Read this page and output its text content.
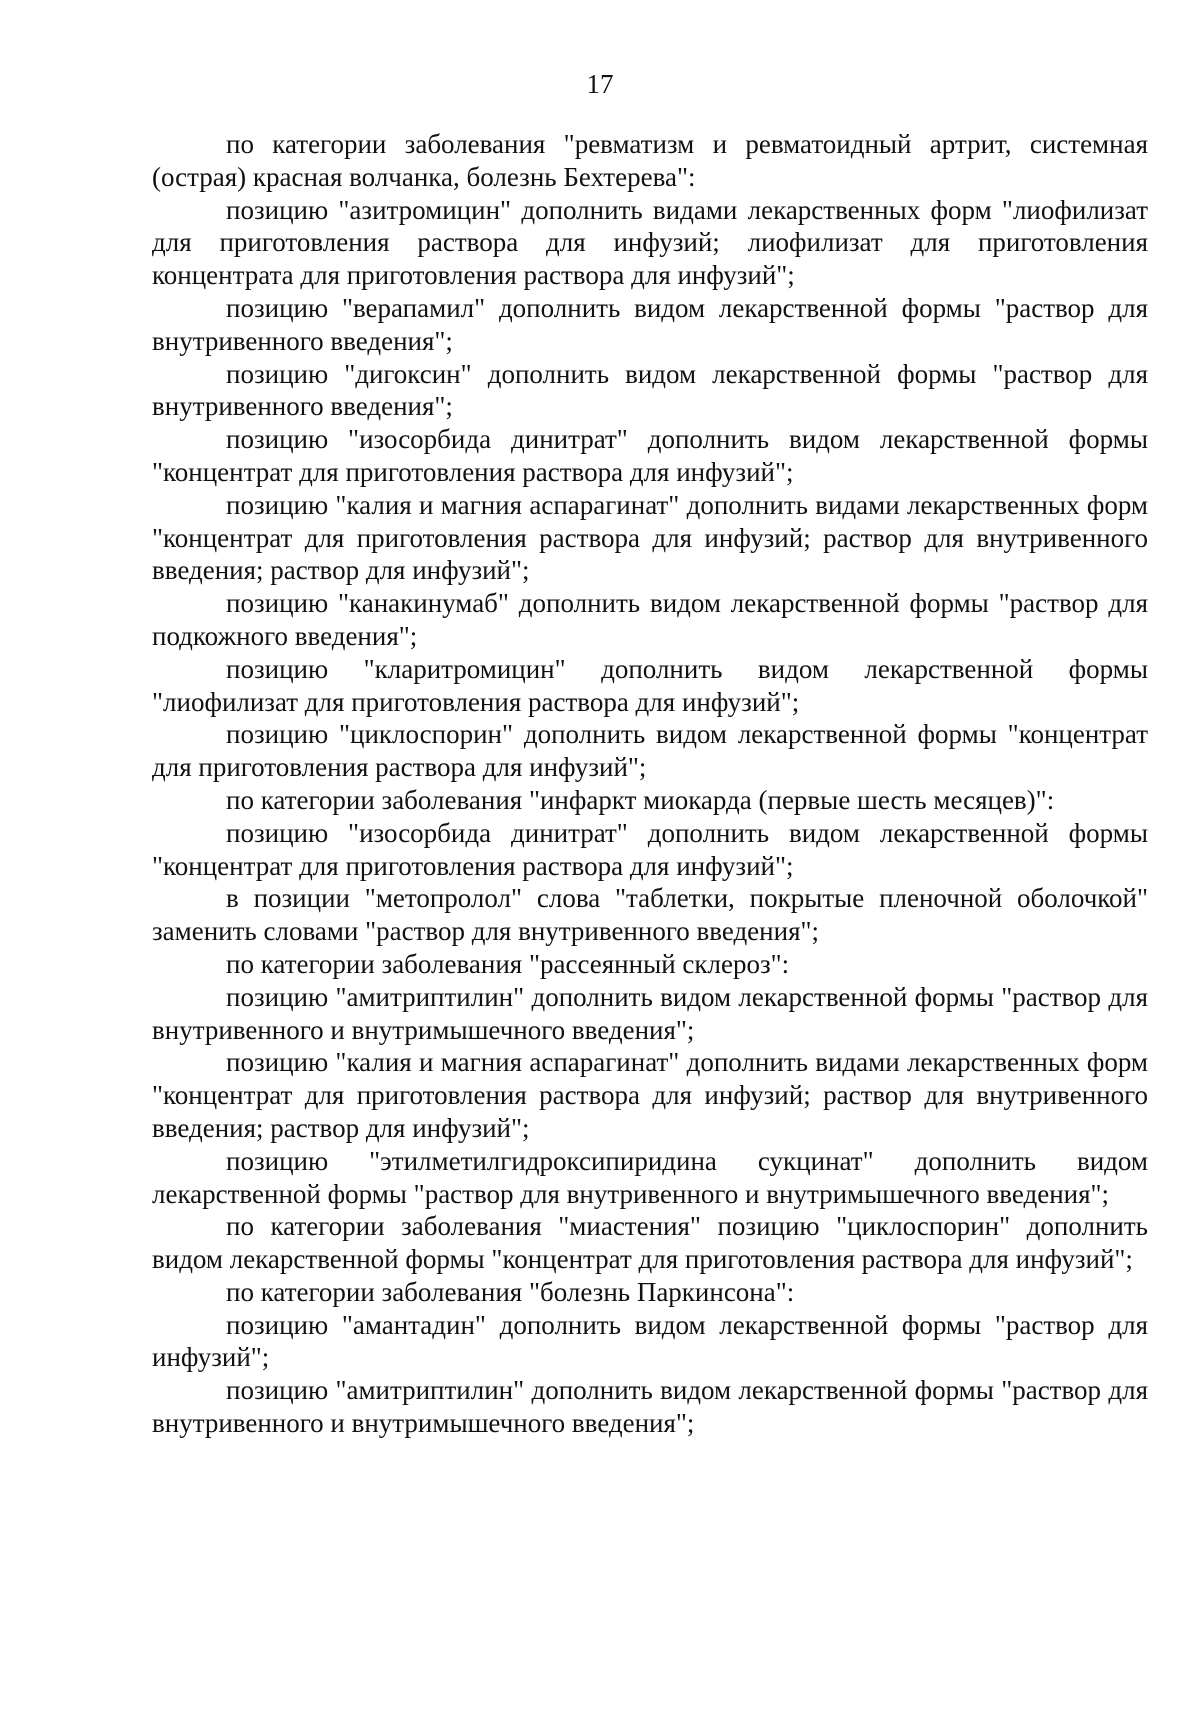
17

по категории заболевания "ревматизм и ревматоидный артрит, системная (острая) красная волчанка, болезнь Бехтерева":

позицию "азитромицин" дополнить видами лекарственных форм "лиофилизат для приготовления раствора для инфузий; лиофилизат для приготовления концентрата для приготовления раствора для инфузий";

позицию "верапамил" дополнить видом лекарственной формы "раствор для внутривенного введения";

позицию "дигоксин" дополнить видом лекарственной формы "раствор для внутривенного введения";

позицию "изосорбида динитрат" дополнить видом лекарственной формы "концентрат для приготовления раствора для инфузий";

позицию "калия и магния аспарагинат" дополнить видами лекарственных форм "концентрат для приготовления раствора для инфузий; раствор для внутривенного введения; раствор для инфузий";

позицию "канакинумаб" дополнить видом лекарственной формы "раствор для подкожного введения";

позицию "кларитромицин" дополнить видом лекарственной формы "лиофилизат для приготовления раствора для инфузий";

позицию "циклоспорин" дополнить видом лекарственной формы "концентрат для приготовления раствора для инфузий";

по категории заболевания "инфаркт миокарда (первые шесть месяцев)":

позицию "изосорбида динитрат" дополнить видом лекарственной формы "концентрат для приготовления раствора для инфузий";

в позиции "метопролол" слова "таблетки, покрытые пленочной оболочкой" заменить словами "раствор для внутривенного введения";

по категории заболевания "рассеянный склероз":

позицию "амитриптилин" дополнить видом лекарственной формы "раствор для внутривенного и внутримышечного введения";

позицию "калия и магния аспарагинат" дополнить видами лекарственных форм "концентрат для приготовления раствора для инфузий; раствор для внутривенного введения; раствор для инфузий";

позицию "этилметилгидроксипиридина сукцинат" дополнить видом лекарственной формы "раствор для внутривенного и внутримышечного введения";

по категории заболевания "миастения" позицию "циклоспорин" дополнить видом лекарственной формы "концентрат для приготовления раствора для инфузий";

по категории заболевания "болезнь Паркинсона":

позицию "амантадин" дополнить видом лекарственной формы "раствор для инфузий";

позицию "амитриптилин" дополнить видом лекарственной формы "раствор для внутривенного и внутримышечного введения";
